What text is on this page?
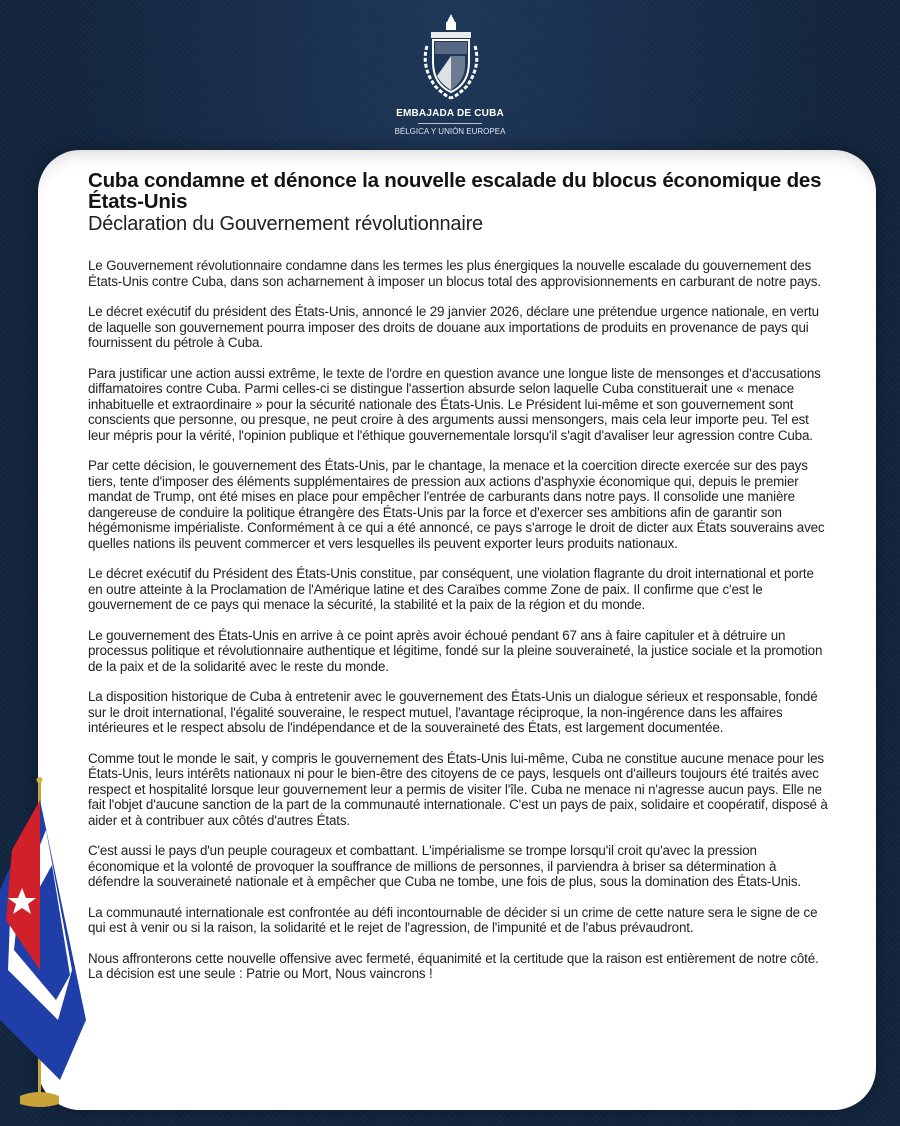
EMBAJADA DE CUBA
BÉLGICA Y UNIÓN EUROPEA
Cuba condamne et dénonce la nouvelle escalade du blocus économique des États-Unis
Déclaration du Gouvernement révolutionnaire

Le Gouvernement révolutionnaire condamne dans les termes les plus énergiques la nouvelle escalade du gouvernement des États-Unis contre Cuba, dans son acharnement à imposer un blocus total des approvisionnements en carburant de notre pays.

Le décret exécutif du président des États-Unis, annoncé le 29 janvier 2026, déclare une prétendue urgence nationale, en vertu de laquelle son gouvernement pourra imposer des droits de douane aux importations de produits en provenance de pays qui fournissent du pétrole à Cuba.

Para justificar une action aussi extrême, le texte de l'ordre en question avance une longue liste de mensonges et d'accusations diffamatoires contre Cuba. Parmi celles-ci se distingue l'assertion absurde selon laquelle Cuba constituerait une « menace inhabituelle et extraordinaire » pour la sécurité nationale des États-Unis. Le Président lui-même et son gouvernement sont conscients que personne, ou presque, ne peut croire à des arguments aussi mensongers, mais cela leur importe peu. Tel est leur mépris pour la vérité, l'opinion publique et l'éthique gouvernementale lorsqu'il s'agit d'avaliser leur agression contre Cuba.

Par cette décision, le gouvernement des États-Unis, par le chantage, la menace et la coercition directe exercée sur des pays tiers, tente d'imposer des éléments supplémentaires de pression aux actions d'asphyxie économique qui, depuis le premier mandat de Trump, ont été mises en place pour empêcher l'entrée de carburants dans notre pays. Il consolide une manière dangereuse de conduire la politique étrangère des États-Unis par la force et d'exercer ses ambitions afin de garantir son hégémonisme impérialiste. Conformément à ce qui a été annoncé, ce pays s'arroge le droit de dicter aux États souverains avec quelles nations ils peuvent commercer et vers lesquelles ils peuvent exporter leurs produits nationaux.

Le décret exécutif du Président des États-Unis constitue, par conséquent, une violation flagrante du droit international et porte en outre atteinte à la Proclamation de l'Amérique latine et des Caraïbes comme Zone de paix. Il confirme que c'est le gouvernement de ce pays qui menace la sécurité, la stabilité et la paix de la région et du monde.

Le gouvernement des États-Unis en arrive à ce point après avoir échoué pendant 67 ans à faire capituler et à détruire un processus politique et révolutionnaire authentique et légitime, fondé sur la pleine souveraineté, la justice sociale et la promotion de la paix et de la solidarité avec le reste du monde.

La disposition historique de Cuba à entretenir avec le gouvernement des États-Unis un dialogue sérieux et responsable, fondé sur le droit international, l'égalité souveraine, le respect mutuel, l'avantage réciproque, la non-ingérence dans les affaires intérieures et le respect absolu de l'indépendance et de la souveraineté des États, est largement documentée.

Comme tout le monde le sait, y compris le gouvernement des États-Unis lui-même, Cuba ne constitue aucune menace pour les États-Unis, leurs intérêts nationaux ni pour le bien-être des citoyens de ce pays, lesquels ont d'ailleurs toujours été traités avec respect et hospitalité lorsque leur gouvernement leur a permis de visiter l'île. Cuba ne menace ni n'agresse aucun pays. Elle ne fait l'objet d'aucune sanction de la part de la communauté internationale. C'est un pays de paix, solidaire et coopératif, disposé à aider et à contribuer aux côtés d'autres États.

C'est aussi le pays d'un peuple courageux et combattant. L'impérialisme se trompe lorsqu'il croit qu'avec la pression économique et la volonté de provoquer la souffrance de millions de personnes, il parviendra à briser sa détermination à défendre la souveraineté nationale et à empêcher que Cuba ne tombe, une fois de plus, sous la domination des États-Unis.

La communauté internationale est confrontée au défi incontournable de décider si un crime de cette nature sera le signe de ce qui est à venir ou si la raison, la solidarité et le rejet de l'agression, de l'impunité et de l'abus prévaudront.

Nous affronterons cette nouvelle offensive avec fermeté, équanimité et la certitude que la raison est entièrement de notre côté. La décision est une seule : Patrie ou Mort, Nous vaincrons !
